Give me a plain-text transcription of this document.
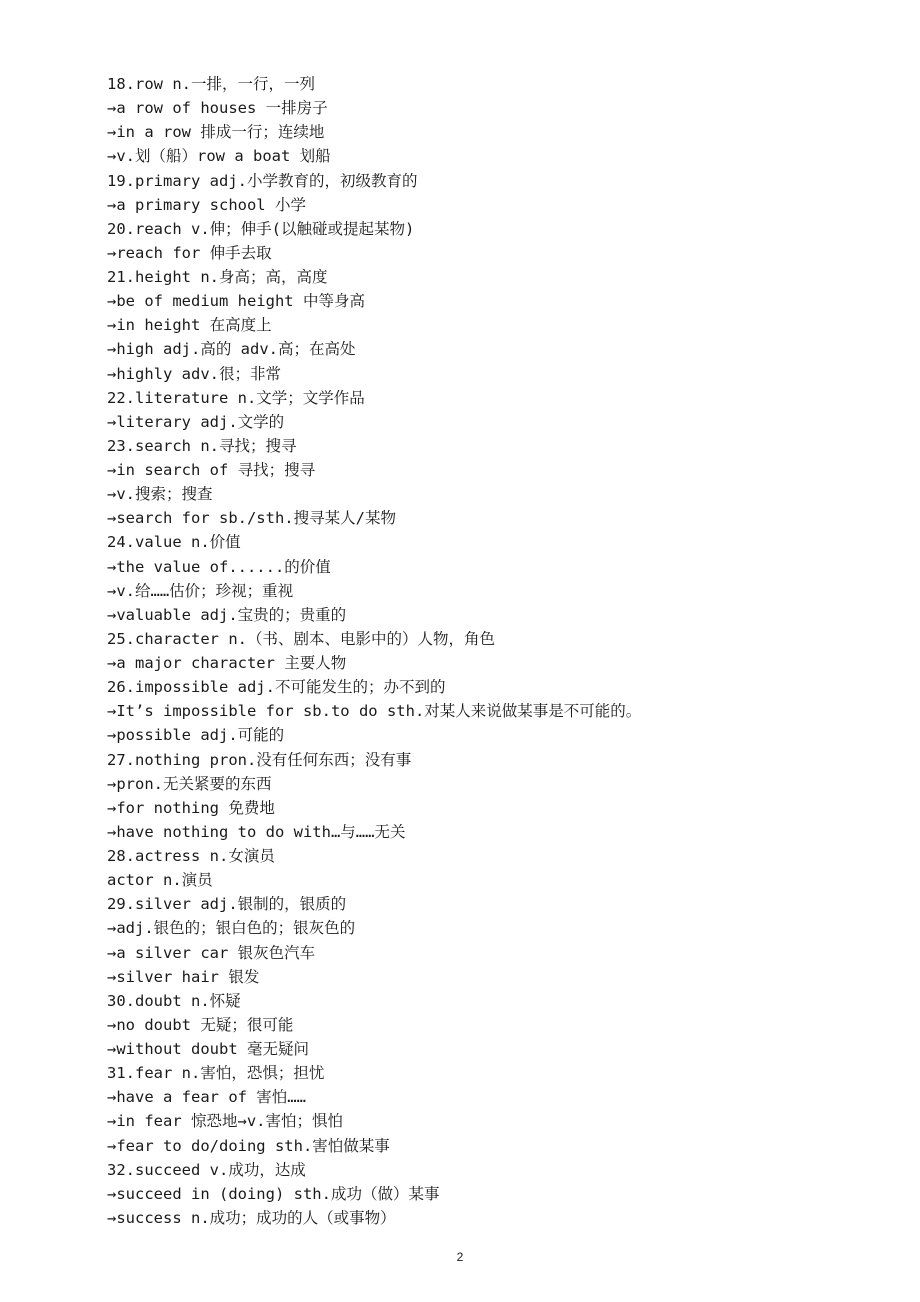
18.row n.一排，一行，一列
→a row of houses 一排房子
→in a row 排成一行；连续地
→v.划（船）row a boat 划船
19.primary adj.小学教育的，初级教育的
→a primary school 小学
20.reach v.伸；伸手(以触碰或提起某物)
→reach for 伸手去取
21.height n.身高；高，高度
→be of medium height 中等身高
→in height 在高度上
→high adj.高的 adv.高；在高处
→highly adv.很；非常
22.literature n.文学；文学作品
→literary adj.文学的
23.search n.寻找；搜寻
→in search of 寻找；搜寻
→v.搜索；搜查
→search for sb./sth.搜寻某人/某物
24.value n.价值
→the value of......的价值
→v.给……估价；珍视；重视
→valuable adj.宝贵的；贵重的
25.character n.（书、剧本、电影中的）人物，角色
→a major character 主要人物
26.impossible adj.不可能发生的；办不到的
→It’s impossible for sb.to do sth.对某人来说做某事是不可能的。
→possible adj.可能的
27.nothing pron.没有任何东西；没有事
→pron.无关紧要的东西
→for nothing 免费地
→have nothing to do with…与……无关
28.actress n.女演员
actor n.演员
29.silver adj.银制的，银质的
→adj.银色的；银白色的；银灰色的
→a silver car 银灰色汽车
→silver hair 银发
30.doubt n.怀疑
→no doubt 无疑；很可能
→without doubt 毫无疑问
31.fear n.害怕，恐惧；担忧
→have a fear of 害怕……
→in fear 惊恐地→v.害怕；惧怕
→fear to do/doing sth.害怕做某事
32.succeed v.成功，达成
→succeed in (doing) sth.成功（做）某事
→success n.成功；成功的人（或事物）
2
